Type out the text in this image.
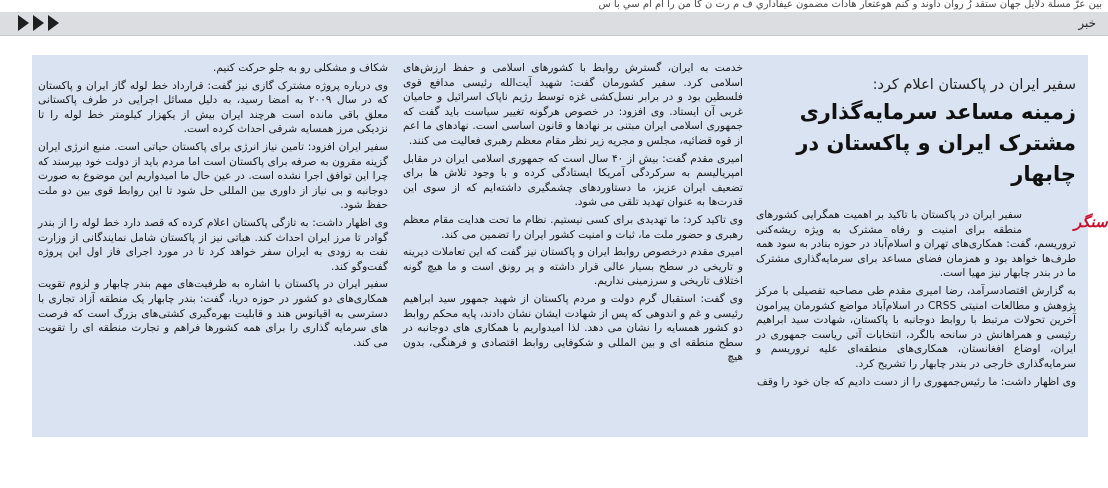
بين عرّ مسلّة دلايل جهان ستقد رُ روان دآوند و كنم هوعتعار هادات مضمون عيفاداري ف م رت ن كا من را ام ام سي با س
خبر
سفیر ایران در پاکستان اعلام کرد:
زمینه مساعد سرمایه‌گذاری مشترک ایران و پاکستان در چابهار
سنگر

سفیر ایران در پاکستان با تاکید بر اهمیت همگرایی کشورهای منطقه برای امنیت و رفاه مشترک به ویژه ریشه‌کنی تروریسم، گفت: همکاری‌های تهران و اسلام‌آباد در حوزه بنادر به سود همه طرف‌ها خواهد بود و همزمان فضای مساعد برای سرمایه‌گذاری مشترک ما در بندر چابهار نیز مهیا است.

به گزارش اقتصادسرآمد، رضا امیری مقدم طی مصاحبه تفصیلی با مرکز پژوهش و مطالعات امنیتی CRSS در اسلام‌آباد مواضع کشورمان پیرامون آخرین تحولات مرتبط با روابط دوجانبه با پاکستان، شهادت سید ابراهیم رئیسی و همراهانش در سانحه بالگرد، انتخابات آتی ریاست جمهوری در ایران، اوضاع افغانستان، همکاری‌های منطقه‌ای علیه تروریسم و سرمایه‌گذاری خارجی در بندر چابهار را تشریح کرد.

وی اظهار داشت: ما رئیس‌جمهوری را از دست دادیم که جان خود را وقف

خدمت به ایران، گسترش روابط با کشورهای اسلامی و حفظ ارزش‌های اسلامی کرد. سفیر کشورمان گفت: شهید آیت‌الله رئیسی مدافع قوی فلسطین بود و در برابر نسل‌کشی غزه توسط رژیم ناپاک اسرائیل و حامیان غربی آن ایستاد. وی افزود: در خصوص هرگونه تغییر سیاست باید گفت که جمهوری اسلامی ایران مبتنی بر نهادها و قانون اساسی است. نهادهای ما اعم از قوه قضائیه، مجلس و مجریه زیر نظر مقام معظم رهبری فعالیت می کنند.

امیری مقدم گفت: بیش از ۴۰ سال است که جمهوری اسلامی ایران در مقابل امپریالیسم به سرکردگی آمریکا ایستادگی کرده و با وجود تلاش ها برای تضعیف ایران عزیز، ما دستاوردهای چشمگیری داشته‌ایم که از سوی این قدرت‌ها به عنوان تهدید تلقی می شود.

وی تاکید کرد: ما تهدیدی برای کسی نیستیم. نظام ما تحت هدایت مقام معظم رهبری و حضور ملت ما، ثبات و امنیت کشور ایران را تضمین می کند.

امیری مقدم درخصوص روابط ایران و پاکستان نیز گفت که این تعاملات دیرینه و تاریخی در سطح بسیار عالی قرار داشته و پر رونق است و ما هیچ گونه اختلاف تاریخی و سرزمینی نداریم.

وی گفت: استقبال گرم دولت و مردم پاکستان از شهید جمهور سید ابراهیم رئیسی و غم و اندوهی که پس از شهادت ایشان نشان دادند، پایه محکم روابط دو کشور همسایه را نشان می دهد. لذا امیدواریم با همکاری های دوجانبه در سطح منطقه ای و بین المللی و شکوفایی روابط اقتصادی و فرهنگی، بدون هیچ

شکاف و مشکلی رو به جلو حرکت کنیم.

وی درباره پروژه مشترک گازی نیز گفت: قرارداد خط لوله گاز ایران و پاکستان که در سال ۲۰۰۹ به امضا رسید، به دلیل مسائل اجرایی در طرف پاکستانی معلق باقی مانده است هرچند ایران بیش از یکهزار کیلومتر خط لوله را تا نزدیکی مرز همسایه شرقی احداث کرده است.

سفیر ایران افزود: تامین نیاز انرژی برای پاکستان حیاتی است. منبع انرژی ایران گزینه مقرون به صرفه برای پاکستان است اما مردم باید از دولت خود بپرسند که چرا این توافق اجرا نشده است. در عین حال ما امیدواریم این موضوع به صورت دوجانبه و بی نیاز از داوری بین المللی حل شود تا این روابط قوی بین دو ملت حفظ شود.

وی اظهار داشت: به تازگی پاکستان اعلام کرده که قصد دارد خط لوله را از بندر گوادر تا مرز ایران احداث کند. هیاتی نیز از پاکستان شامل نمایندگانی از وزارت نفت به زودی به ایران سفر خواهد کرد تا در مورد اجرای فاز اول این پروژه گفت‌وگو کند.

سفیر ایران در پاکستان با اشاره به ظرفیت‌های مهم بندر چابهار و لزوم تقویت همکاری‌های دو کشور در حوزه دریا، گفت: بندر چابهار یک منطقه آزاد تجاری با دسترسی به اقیانوس هند و قابلیت بهره‌گیری کشتی‌های بزرگ است که فرصت های سرمایه گذاری را برای همه کشورها فراهم و تجارت منطقه ای را تقویت می کند.
